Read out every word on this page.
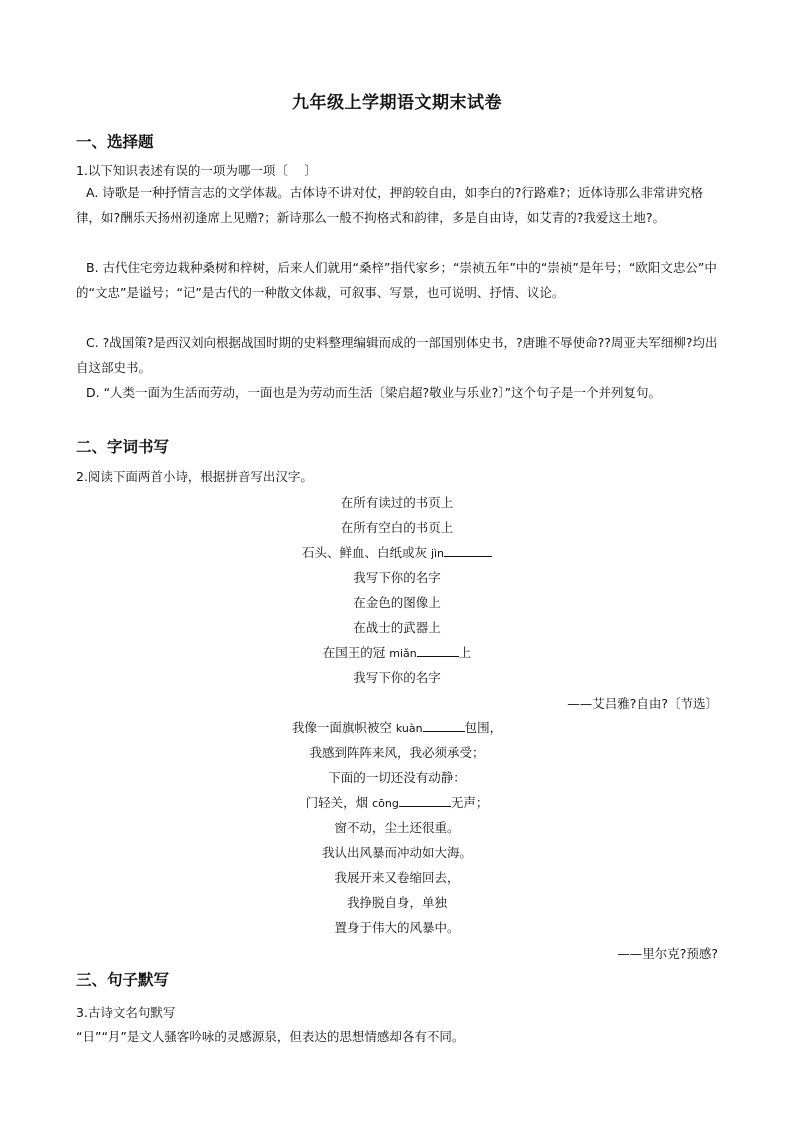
九年级上学期语文期末试卷
一、选择题
1.以下知识表述有误的一项为哪一项〔 　〕
A. 诗歌是一种抒情言志的文学体裁。古体诗不讲对仗，押韵较自由，如李白的?行路难?；近体诗那么非常讲究格律，如?酬乐天扬州初逢席上见赠?；新诗那么一般不拘格式和韵律，多是自由诗，如艾青的?我爱这土地?。
B. 古代住宅旁边栽种桑树和梓树，后来人们就用“桑梓”指代家乡；“崇祯五年”中的“崇祯”是年号；“欧阳文忠公”中的“文忠”是谥号；“记”是古代的一种散文体裁，可叙事、写景，也可说明、抒情、议论。
C. ?战国策?是西汉刘向根据战国时期的史料整理编辑而成的一部国别体史书，?唐雎不辱使命??周亚夫军细柳?均出自这部史书。
D. “人类一面为生活而劳动，一面也是为劳动而生活〔梁启超?敬业与乐业?〕”这个句子是一个并列复句。
二、字词书写
2.阅读下面两首小诗，根据拼音写出汉字。
在所有读过的书页上
在所有空白的书页上
石头、鲜血、白纸或灰 jìn
我写下你的名字
在金色的图像上
在战士的武器上
在国王的冠 miǎn	上
我写下你的名字
——艾吕雅?自由?〔节选〕
我像一面旗帜被空 kuàn	包围，
我感到阵阵来风，我必须承受；
下面的一切还没有动静：
门轻关，烟 cōng	无声；
窗不动，尘土还很重。
我认出风暴而冲动如大海。
我展开来又卷缩回去，
我挣脱自身，单独
置身于伟大的风暴中。
——里尔克?预感?
三、句子默写
3.古诗文名句默写
“日”“月”是文人骚客吟咏的灵感源泉，但表达的思想情感却各有不同。
